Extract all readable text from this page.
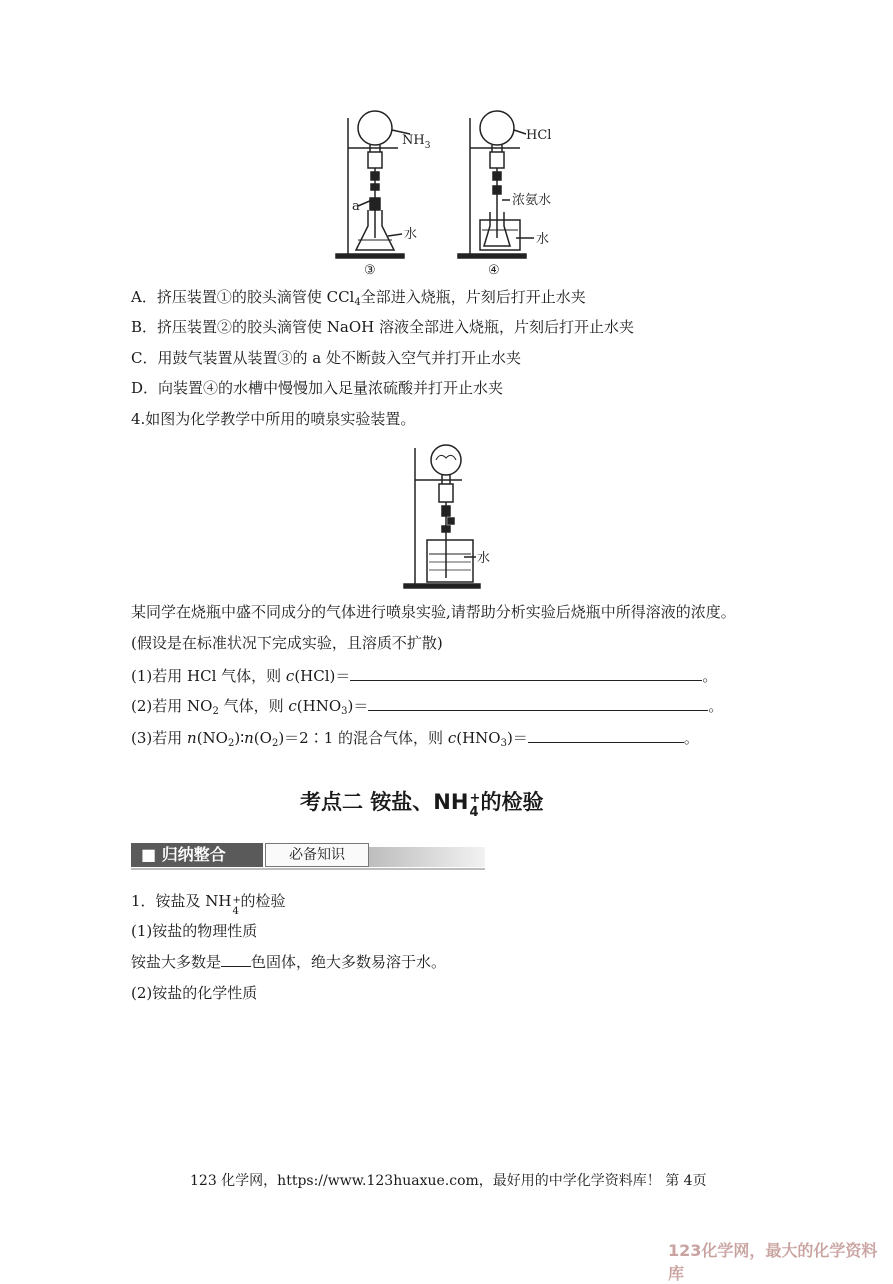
$NH_3$
a
水
③
HCl
浓氨水
水
④
A．挤压装置①的胶头滴管使 CCl$_4$全部进入烧瓶，片刻后打开止水夹
B．挤压装置②的胶头滴管使 NaOH 溶液全部进入烧瓶，片刻后打开止水夹
C．用鼓气装置从装置③的 a 处不断鼓入空气并打开止水夹
D．向装置④的水槽中慢慢加入足量浓硫酸并打开止水夹
4.如图为化学教学中所用的喷泉实验装置。
水
某同学在烧瓶中盛不同成分的气体进行喷泉实验,请帮助分析实验后烧瓶中所得溶液的浓度。
(假设是在标准状况下完成实验，且溶质不扩散)
(1)若用 HCl 气体，则 c(HCl)＝	。
(2)若用 $NO_2$ 气体，则 $c(HNO_3)=$	。
(3)若用 $n(NO_2)∶n(O_2)=2∶1$ 的混合气体，则 $c(HNO_3)=$	。
考点二 铵盐、NH +
4 的检验
■ 归纳整合	必备知识
1．铵盐及 NH +
4
的检验
(1)铵盐的物理性质
铵盐大多数是 色固体，绝大多数易溶于水。
(2)铵盐的化学性质
123 化学网，https://www.123huaxue.com，最好用的中学化学资料库！ 第 4页
123化学网，最大的化学资料库
